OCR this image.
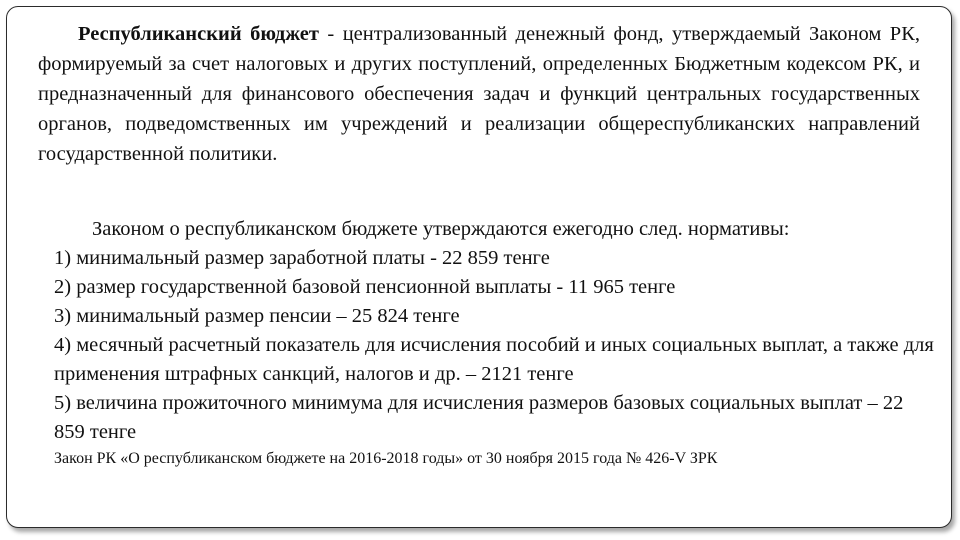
Республиканский бюджет - централизованный денежный фонд, утверждаемый Законом РК, формируемый за счет налоговых и других поступлений, определенных Бюджетным кодексом РК, и предназначенный для финансового обеспечения задач и функций центральных государственных органов, подведомственных им учреждений и реализации общереспубликанских направлений государственной политики.

Законом о республиканском бюджете утверждаются ежегодно след. нормативы:
1) минимальный размер заработной платы - 22 859 тенге
2) размер государственной базовой пенсионной выплаты - 11 965 тенге
3) минимальный размер пенсии – 25 824 тенге
4) месячный расчетный показатель для исчисления пособий и иных социальных выплат, а также для применения штрафных санкций, налогов и др. – 2121 тенге
5) величина прожиточного минимума для исчисления размеров базовых социальных выплат – 22 859 тенге

Закон РК «О республиканском бюджете на 2016-2018 годы» от 30 ноября 2015 года № 426-V ЗРК
